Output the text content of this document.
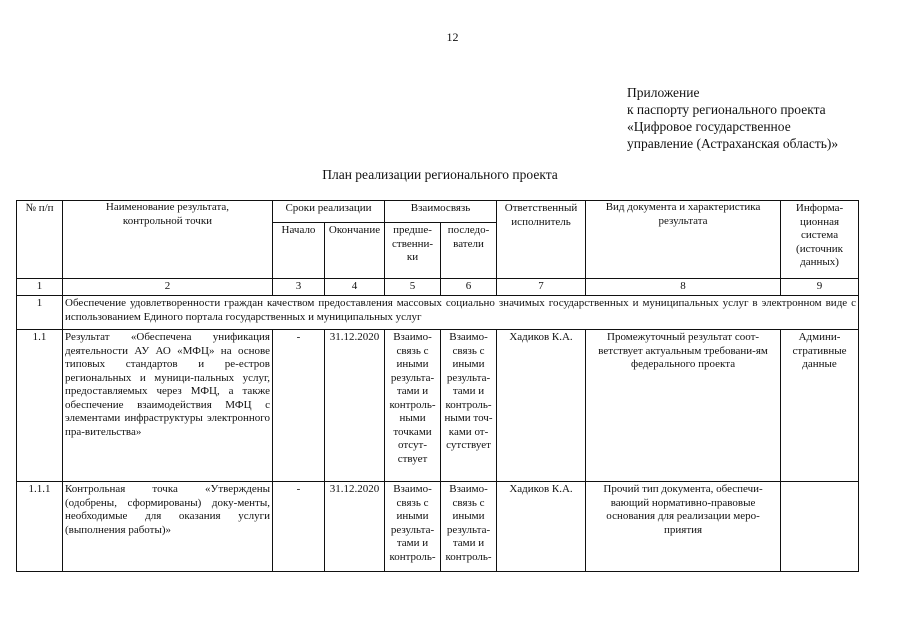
12
Приложение
к паспорту регионального проекта
«Цифровое государственное
управление (Астраханская область)»
План реализации регионального проекта
№ п/п	Наименование результата, контрольной точки	Сроки реализации		Взаимосвязь		Ответственный исполнитель	Вид документа и характеристика результата	Информа-ционная система (источник данных)
		Начало	Окончание	предше-ственни-ки	последо-ватели			
1	2	3	4	5	6	7	8	9
1	Обеспечение удовлетворенности граждан качеством предоставления массовых социально значимых государственных и муниципальных услуг в электронном виде с использованием Единого портала государственных и муниципальных услуг							
1.1	Результат «Обеспечена унификация деятельности АУ АО «МФЦ» на основе типовых стандартов и ре-естров региональных и муници-пальных услуг, предоставляемых через МФЦ, а также обеспечение взаимодействия МФЦ с элементами инфраструктуры электронного пра-вительства»	-	31.12.2020	Взаимо-связь с иными результа-тами и контроль-ными точками отсут-ствует	Взаимо-связь с иными результа-тами и контроль-ными точ-ками от-сутствует	Хадиков К.А.	Промежуточный результат соот-ветствует актуальным требовани-ям федерального проекта	Админи-стративные данные
1.1.1	Контрольная точка «Утверждены (одобрены, сформированы) доку-менты, необходимые для оказания услуги (выполнения работы)»	-	31.12.2020	Взаимо-связь с иными результа-тами и контроль-	Взаимо-связь с иными результа-тами и контроль-	Хадиков К.А.	Прочий тип документа, обеспечи-вающий нормативно-правовые основания для реализации меро-приятия	
